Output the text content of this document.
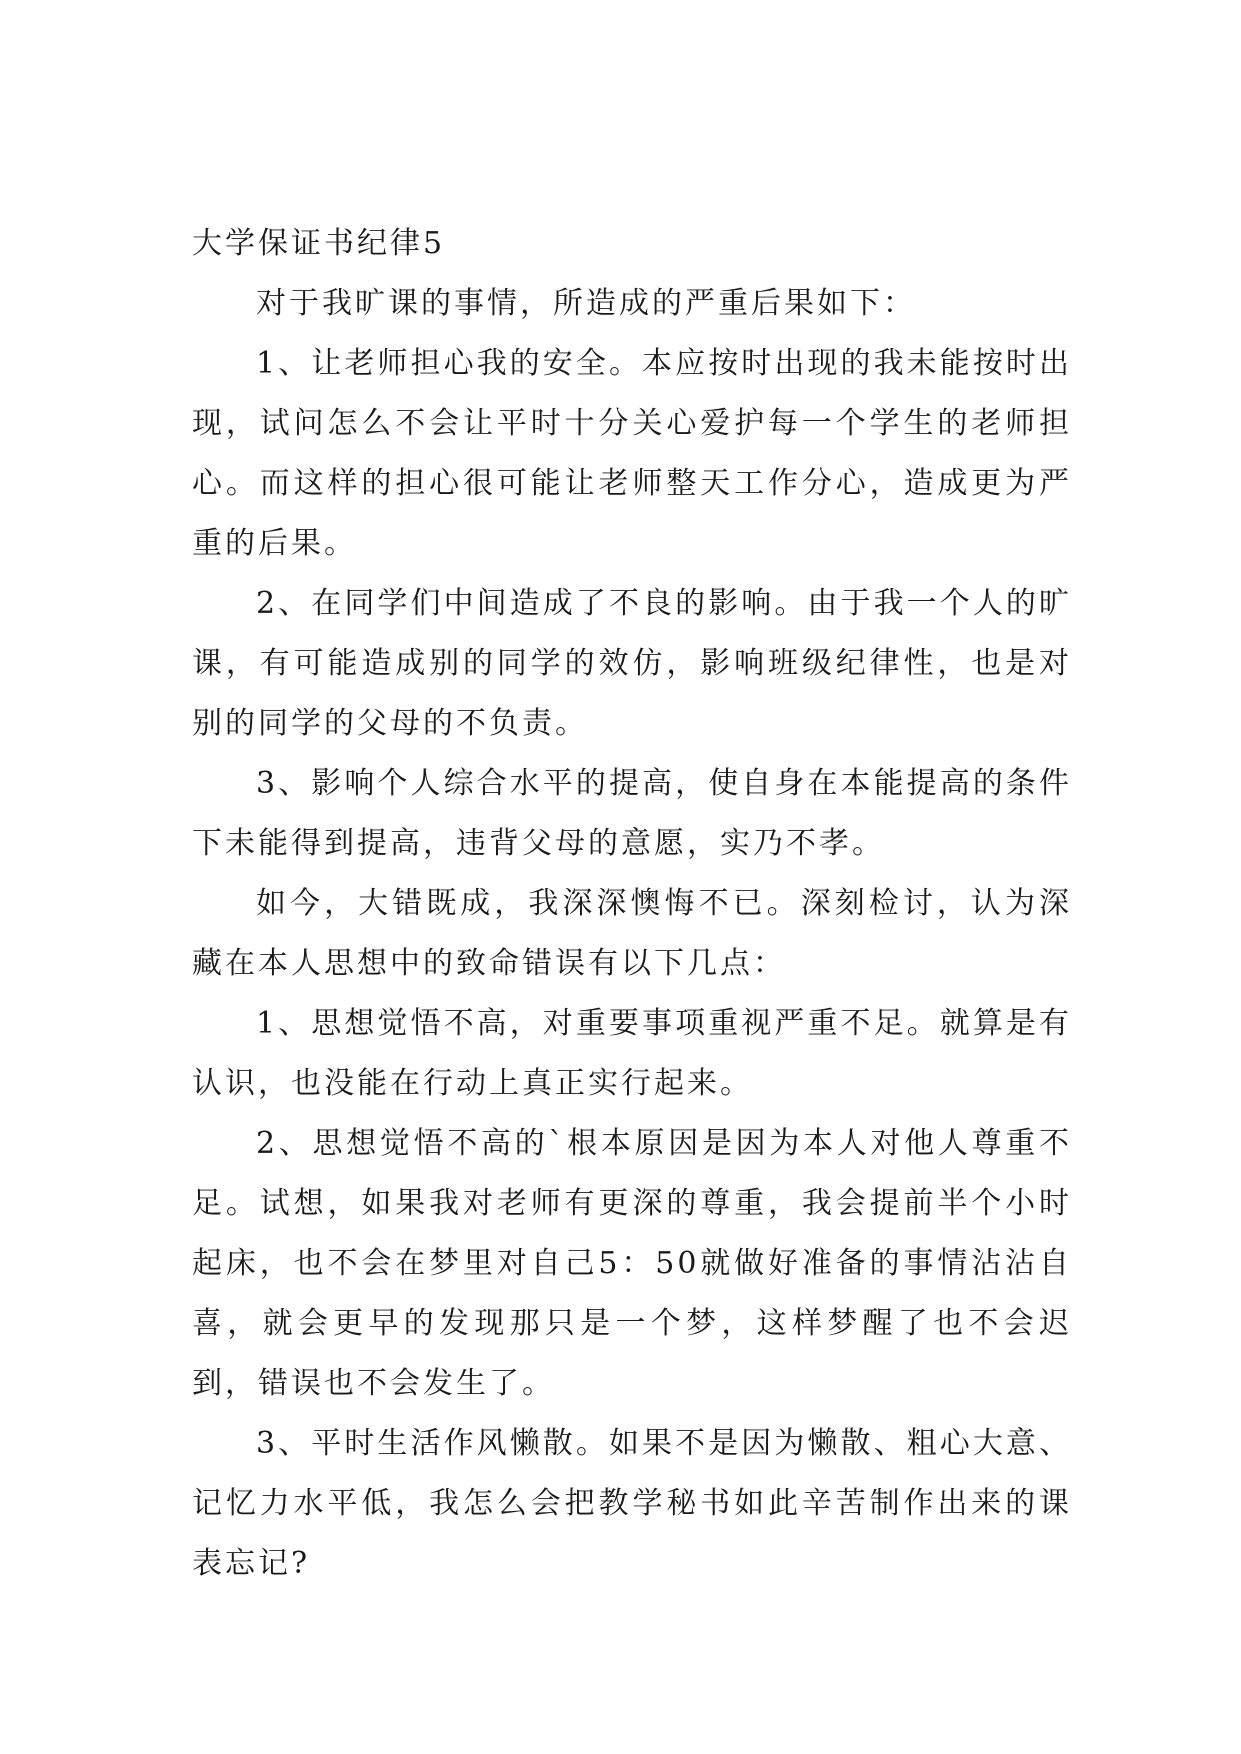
大学保证书纪律5

对于我旷课的事情，所造成的严重后果如下：

1、让老师担心我的安全。本应按时出现的我未能按时出现，试问怎么不会让平时十分关心爱护每一个学生的老师担心。而这样的担心很可能让老师整天工作分心，造成更为严重的后果。

2、在同学们中间造成了不良的影响。由于我一个人的旷课，有可能造成别的同学的效仿，影响班级纪律性，也是对别的同学的父母的不负责。

3、影响个人综合水平的提高，使自身在本能提高的条件下未能得到提高，违背父母的意愿，实乃不孝。

如今，大错既成，我深深懊悔不已。深刻检讨，认为深藏在本人思想中的致命错误有以下几点：

1、思想觉悟不高，对重要事项重视严重不足。就算是有认识，也没能在行动上真正实行起来。

2、思想觉悟不高的`根本原因是因为本人对他人尊重不足。试想，如果我对老师有更深的尊重，我会提前半个小时起床，也不会在梦里对自己5：50就做好准备的事情沾沾自喜，就会更早的发现那只是一个梦，这样梦醒了也不会迟到，错误也不会发生了。

3、平时生活作风懒散。如果不是因为懒散、粗心大意、记忆力水平低，我怎么会把教学秘书如此辛苦制作出来的课表忘记?
